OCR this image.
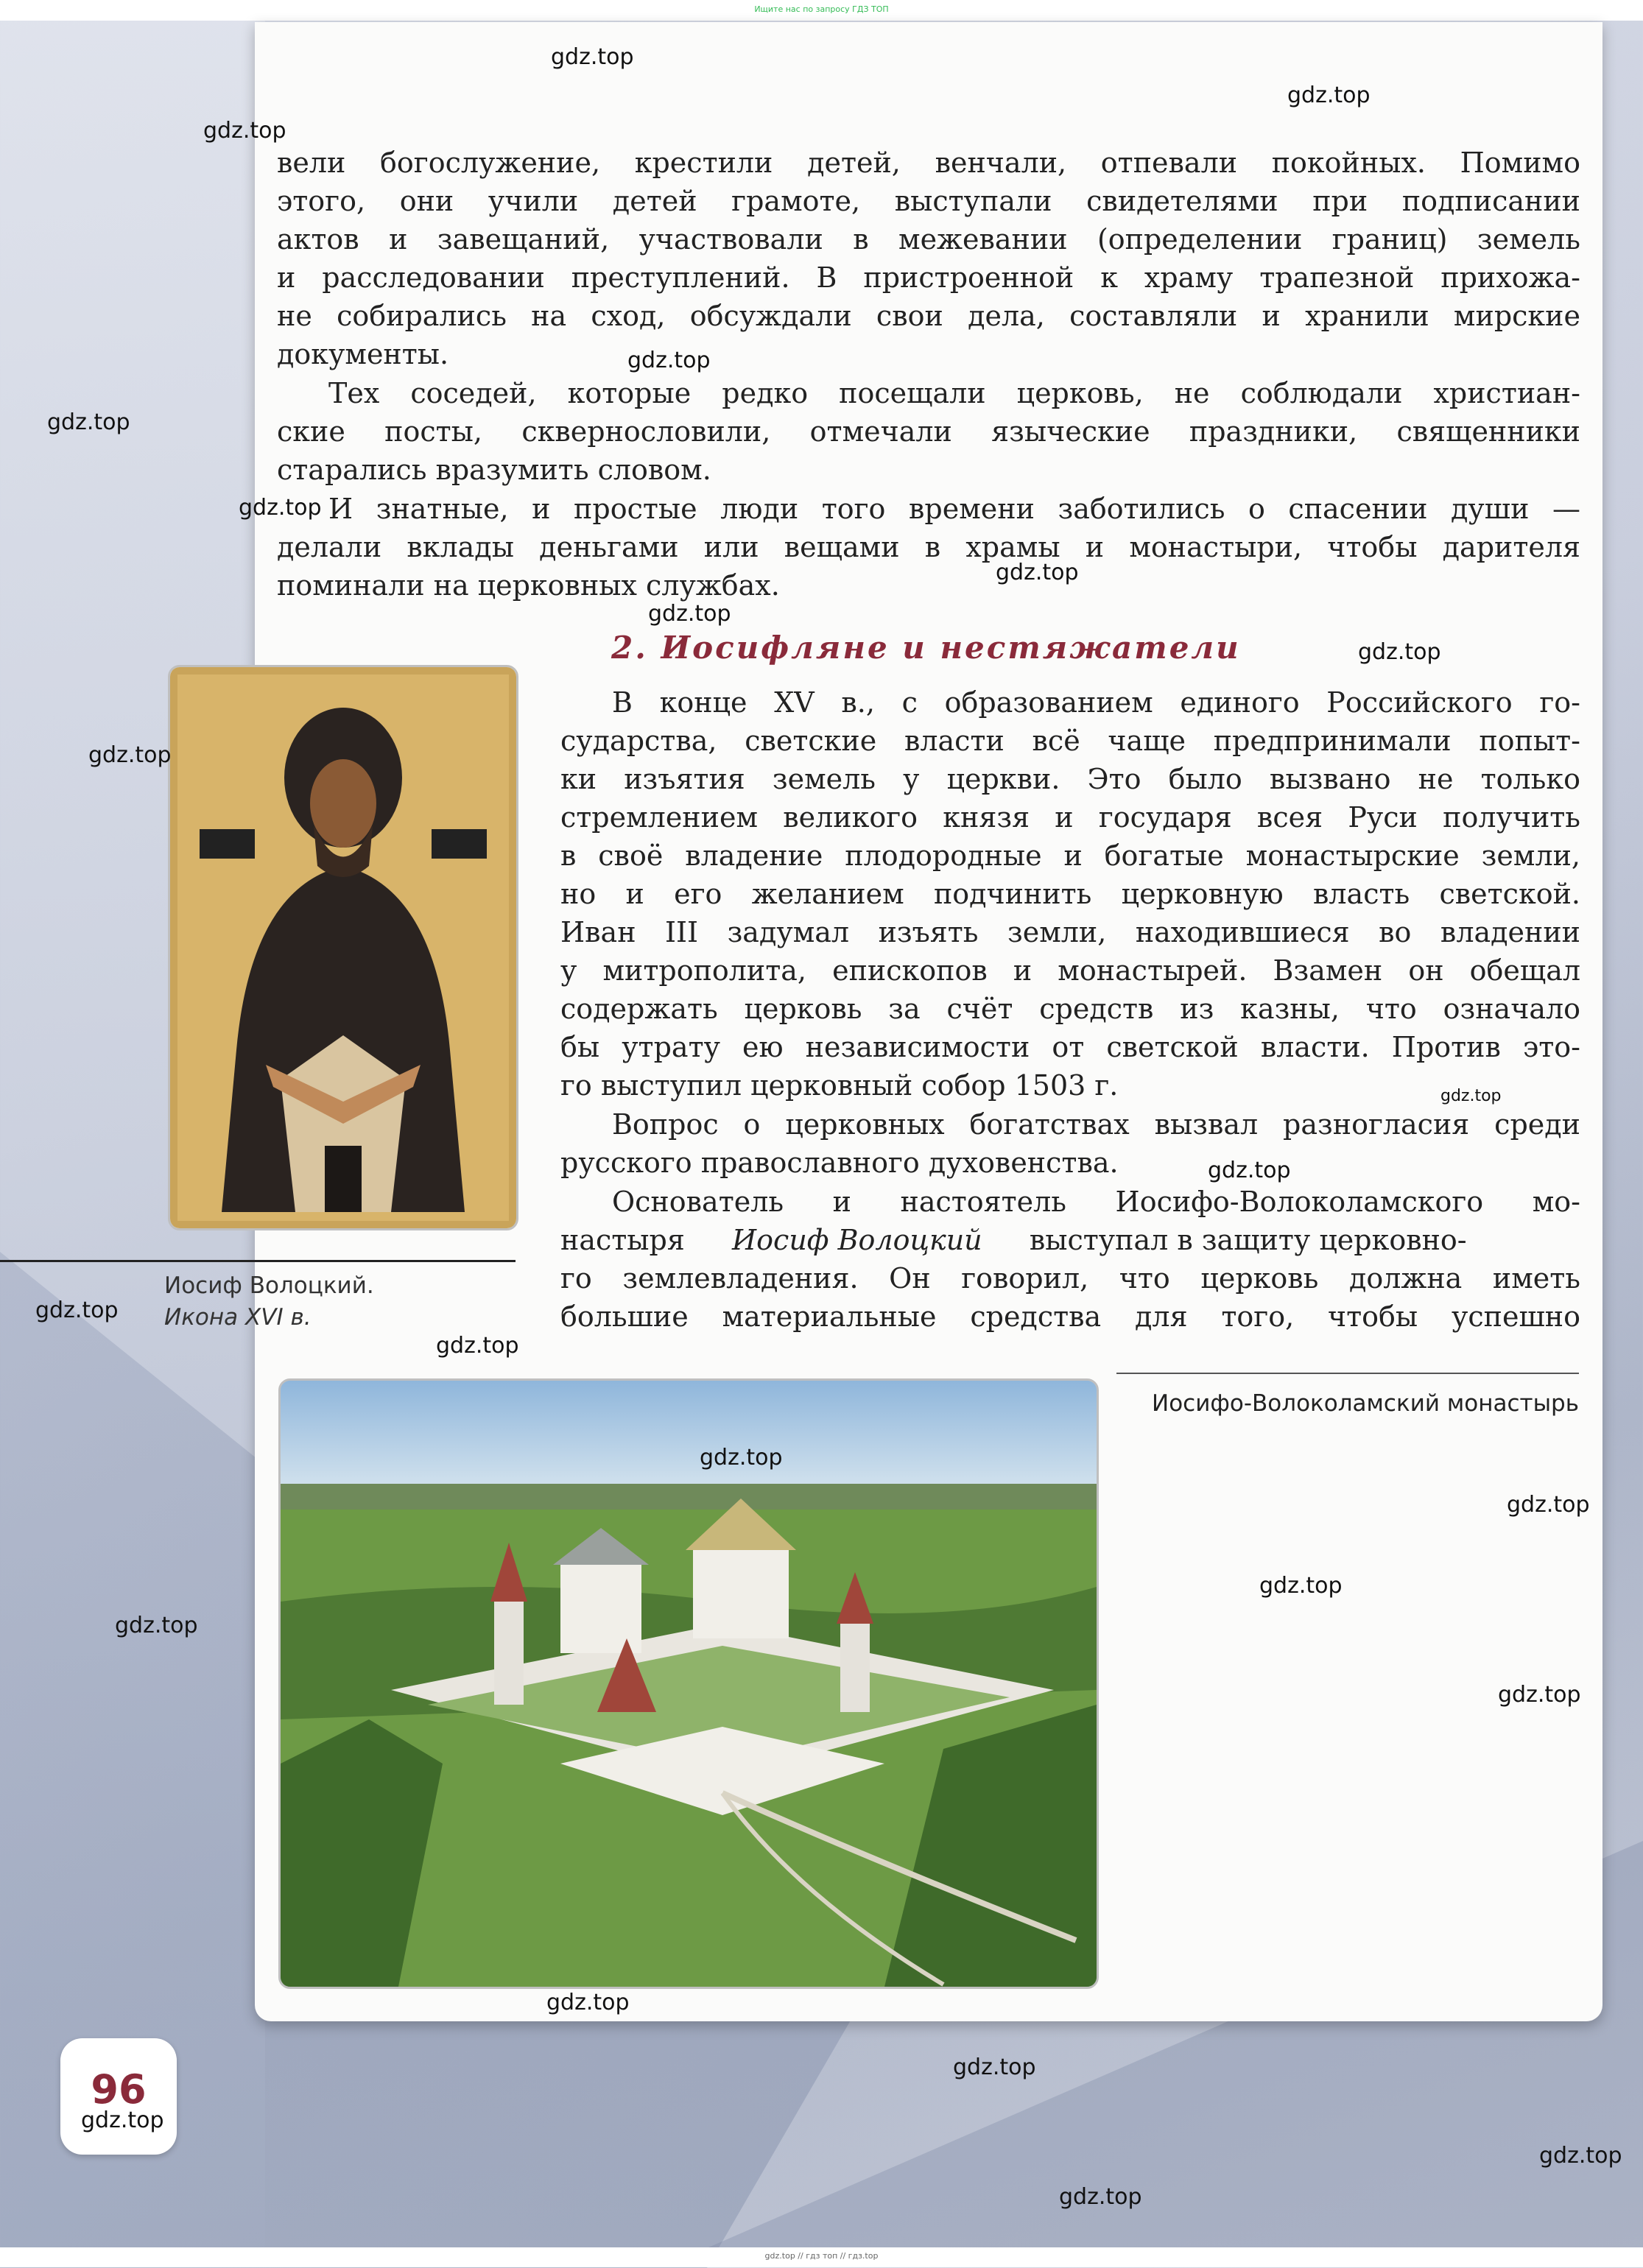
Ищите нас по запросу ГДЗ ТОП
вели богослужение, крестили детей, венчали, отпевали покойных. Помимо
этого, они учили детей грамоте, выступали свидетелями при подписании
актов и завещаний, участвовали в межевании (определении границ) земель
и расследовании преступлений. В пристроенной к храму трапезной прихожа-
не собирались на сход, обсуждали свои дела, составляли и хранили мирские
документы.
Тех соседей, которые редко посещали церковь, не соблюдали христиан-
ские посты, сквернословили, отмечали языческие праздники, священники
старались вразумить словом.
И знатные, и простые люди того времени заботились о спасении души —
делали вклады деньгами или вещами в храмы и монастыри, чтобы дарителя
поминали на церковных службах.
В конце XV в., с образованием единого Российского го-
сударства, светские власти всё чаще предпринимали попыт-
ки изъятия земель у церкви. Это было вызвано не только
стремлением великого князя и государя всея Руси получить
в своё владение плодородные и богатые монастырские земли,
но и его желанием подчинить церковную власть светской.
Иван III задумал изъять земли, находившиеся во владении
у митрополита, епископов и монастырей. Взамен он обещал
содержать церковь за счёт средств из казны, что означало
бы утрату ею независимости от светской власти. Против это-
го выступил церковный собор 1503 г.
Вопрос о церковных богатствах вызвал разногласия среди
русского православного духовенства.
Основатель и настоятель Иосифо-Волоколамского мо-
настыря Иосиф Волоцкий выступал в защиту церковно-
го землевладения. Он говорил, что церковь должна иметь
большие материальные средства для того, чтобы успешно
Иосифо-Волоколамский монастырь
2. Иосифляне и нестяжатели
Иосиф Волоцкий.
Икона XVI в.
96
gdz.top
gdz.top
gdz.top
gdz.top
gdz.top
gdz.top
gdz.top
gdz.top
gdz.top
gdz.top
gdz.top
gdz.top
gdz.top
gdz.top
gdz.top
gdz.top
gdz.top
gdz.top
gdz.top
gdz.top
gdz.top
gdz.top
gdz.top
gdz.top
gdz.top // гдз топ // гдз.top
